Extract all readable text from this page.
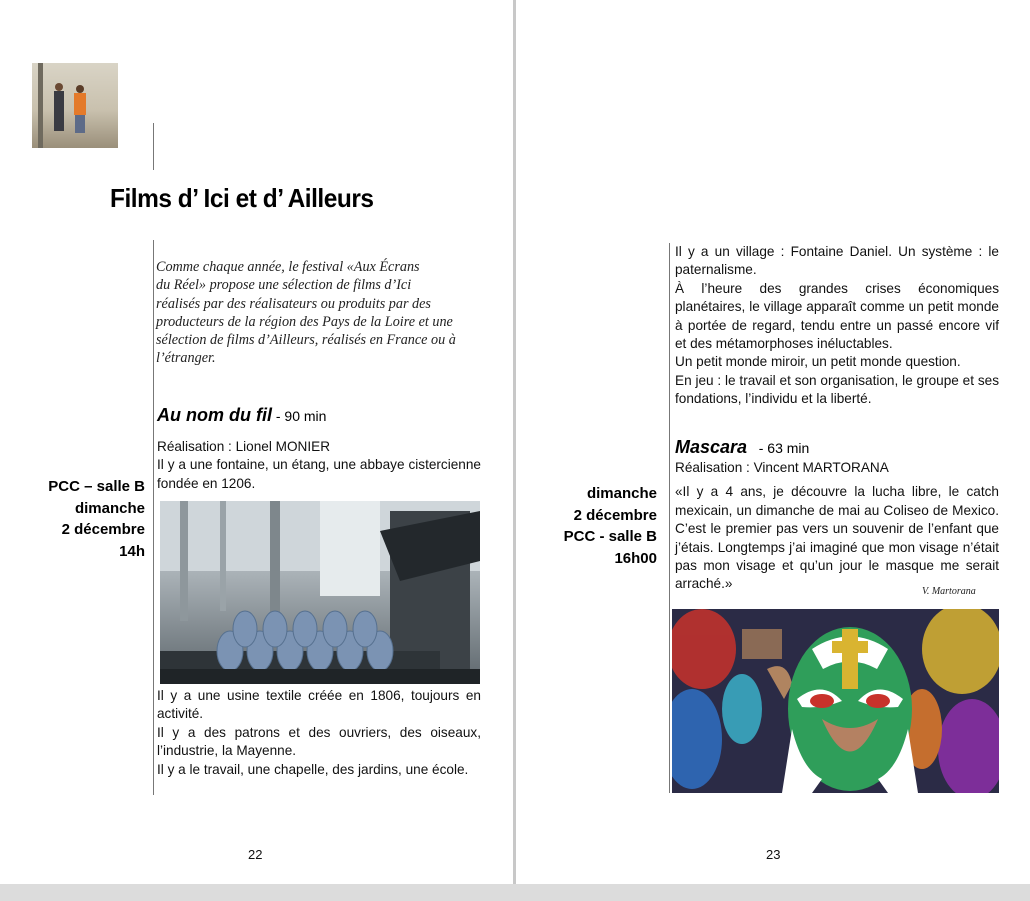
Films d’ Ici et d’ Ailleurs
Comme chaque année, le festival «Aux Écrans
du Réel» propose une sélection de films d’Ici
réalisés par des réalisateurs ou produits par des
producteurs de la région des Pays de la Loire et une
sélection de films d’Ailleurs, réalisés en France ou à
l’étranger.
Au nom du fil - 90 min

Réalisation : Lionel MONIER

Il y a une fontaine, un étang, une abbaye cistercienne fondée en 1206.

PCC – salle B
dimanche
2 décembre
14h

Il y a une usine textile créée en 1806, toujours en activité.

Il y a des patrons et des ouvriers, des oiseaux, l’industrie, la Mayenne.

Il y a le travail, une chapelle, des jardins, une école.

22

Il y a un village : Fontaine Daniel. Un système : le paternalisme.

À l’heure des grandes crises économiques planétaires, le village apparaît comme un petit monde à portée de regard, tendu entre un passé encore vif et des métamorphoses inéluctables.

Un petit monde miroir, un petit monde question.

En jeu : le travail et son organisation, le groupe et ses fondations, l’individu et la liberté.

Mascara   - 63 min

Réalisation : Vincent MARTORANA

«Il y a 4 ans, je découvre la lucha libre, le catch mexicain, un dimanche de mai au Coliseo de Mexico. C’est le premier pas vers un souvenir de l’enfant que j’étais. Longtemps j’ai imaginé que mon visage n’était pas mon visage et qu’un jour le masque me serait arraché.»

V. Martorana
dimanche
2 décembre
PCC - salle B
16h00
23
